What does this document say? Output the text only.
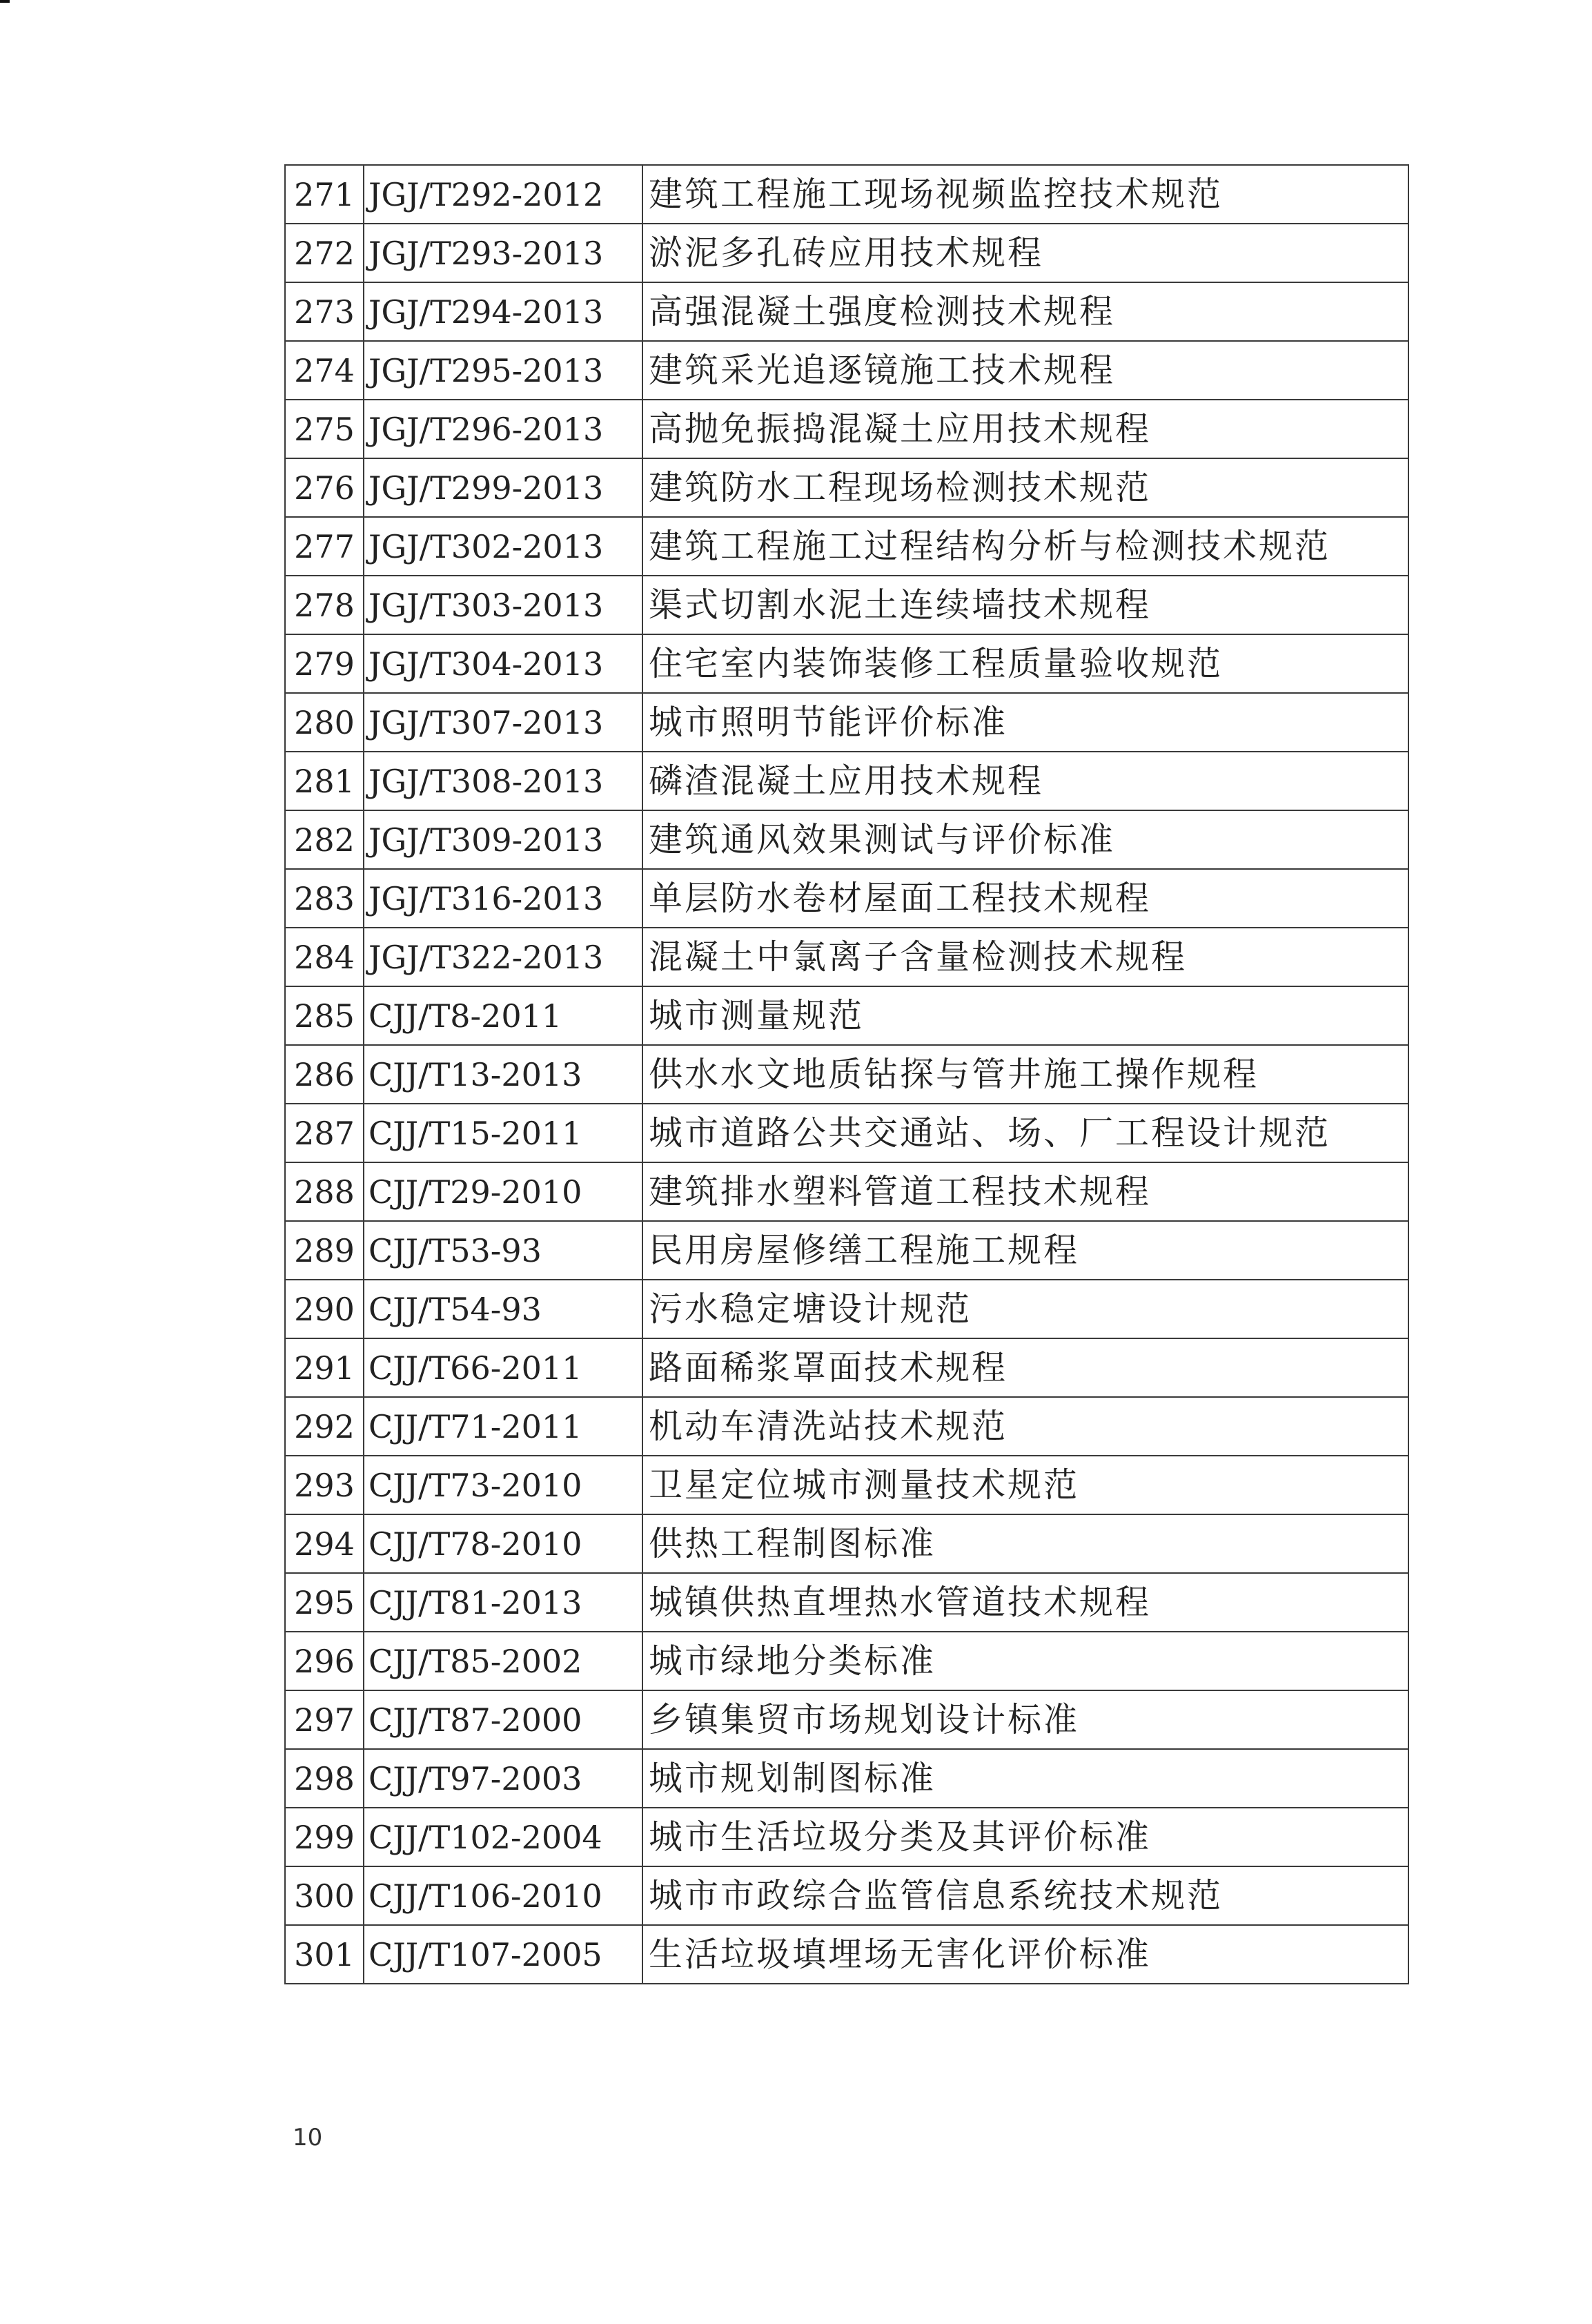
271	JGJ/T292-2012	建筑工程施工现场视频监控技术规范
272	JGJ/T293-2013	淤泥多孔砖应用技术规程
273	JGJ/T294-2013	高强混凝土强度检测技术规程
274	JGJ/T295-2013	建筑采光追逐镜施工技术规程
275	JGJ/T296-2013	高抛免振捣混凝土应用技术规程
276	JGJ/T299-2013	建筑防水工程现场检测技术规范
277	JGJ/T302-2013	建筑工程施工过程结构分析与检测技术规范
278	JGJ/T303-2013	渠式切割水泥土连续墙技术规程
279	JGJ/T304-2013	住宅室内装饰装修工程质量验收规范
280	JGJ/T307-2013	城市照明节能评价标准
281	JGJ/T308-2013	磷渣混凝土应用技术规程
282	JGJ/T309-2013	建筑通风效果测试与评价标准
283	JGJ/T316-2013	单层防水卷材屋面工程技术规程
284	JGJ/T322-2013	混凝土中氯离子含量检测技术规程
285	CJJ/T8-2011	城市测量规范
286	CJJ/T13-2013	供水水文地质钻探与管井施工操作规程
287	CJJ/T15-2011	城市道路公共交通站、场、厂工程设计规范
288	CJJ/T29-2010	建筑排水塑料管道工程技术规程
289	CJJ/T53-93	民用房屋修缮工程施工规程
290	CJJ/T54-93	污水稳定塘设计规范
291	CJJ/T66-2011	路面稀浆罩面技术规程
292	CJJ/T71-2011	机动车清洗站技术规范
293	CJJ/T73-2010	卫星定位城市测量技术规范
294	CJJ/T78-2010	供热工程制图标准
295	CJJ/T81-2013	城镇供热直埋热水管道技术规程
296	CJJ/T85-2002	城市绿地分类标准
297	CJJ/T87-2000	乡镇集贸市场规划设计标准
298	CJJ/T97-2003	城市规划制图标准
299	CJJ/T102-2004	城市生活垃圾分类及其评价标准
300	CJJ/T106-2010	城市市政综合监管信息系统技术规范
301	CJJ/T107-2005	生活垃圾填埋场无害化评价标准
10
